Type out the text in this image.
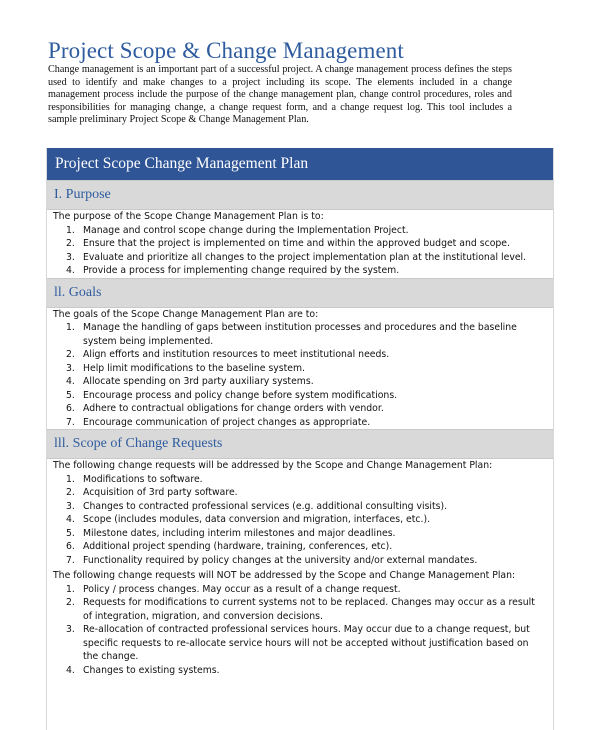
Project Scope & Change Management
Change management is an important part of a successful project. A change management process defines the steps used to identify and make changes to a project including its scope. The elements included in a change management process include the purpose of the change management plan, change control procedures, roles and responsibilities for managing change, a change request form, and a change request log. This tool includes a sample preliminary Project Scope & Change Management Plan.
Project Scope Change Management Plan
I. Purpose
The purpose of the Scope Change Management Plan is to:
1. Manage and control scope change during the Implementation Project.
2. Ensure that the project is implemented on time and within the approved budget and scope.
3. Evaluate and prioritize all changes to the project implementation plan at the institutional level.
4. Provide a process for implementing change required by the system.
ll. Goals
The goals of the Scope Change Management Plan are to:
1. Manage the handling of gaps between institution processes and procedures and the baseline system being implemented.
2. Align efforts and institution resources to meet institutional needs.
3. Help limit modifications to the baseline system.
4. Allocate spending on 3rd party auxiliary systems.
5. Encourage process and policy change before system modifications.
6. Adhere to contractual obligations for change orders with vendor.
7. Encourage communication of project changes as appropriate.
lll. Scope of Change Requests
The following change requests will be addressed by the Scope and Change Management Plan:
1. Modifications to software.
2. Acquisition of 3rd party software.
3. Changes to contracted professional services (e.g. additional consulting visits).
4. Scope (includes modules, data conversion and migration, interfaces, etc.).
5. Milestone dates, including interim milestones and major deadlines.
6. Additional project spending (hardware, training, conferences, etc).
7. Functionality required by policy changes at the university and/or external mandates.
The following change requests will NOT be addressed by the Scope and Change Management Plan:
1. Policy / process changes. May occur as a result of a change request.
2. Requests for modifications to current systems not to be replaced. Changes may occur as a result of integration, migration, and conversion decisions.
3. Re-allocation of contracted professional services hours. May occur due to a change request, but specific requests to re-allocate service hours will not be accepted without justification based on the change.
4. Changes to existing systems.
